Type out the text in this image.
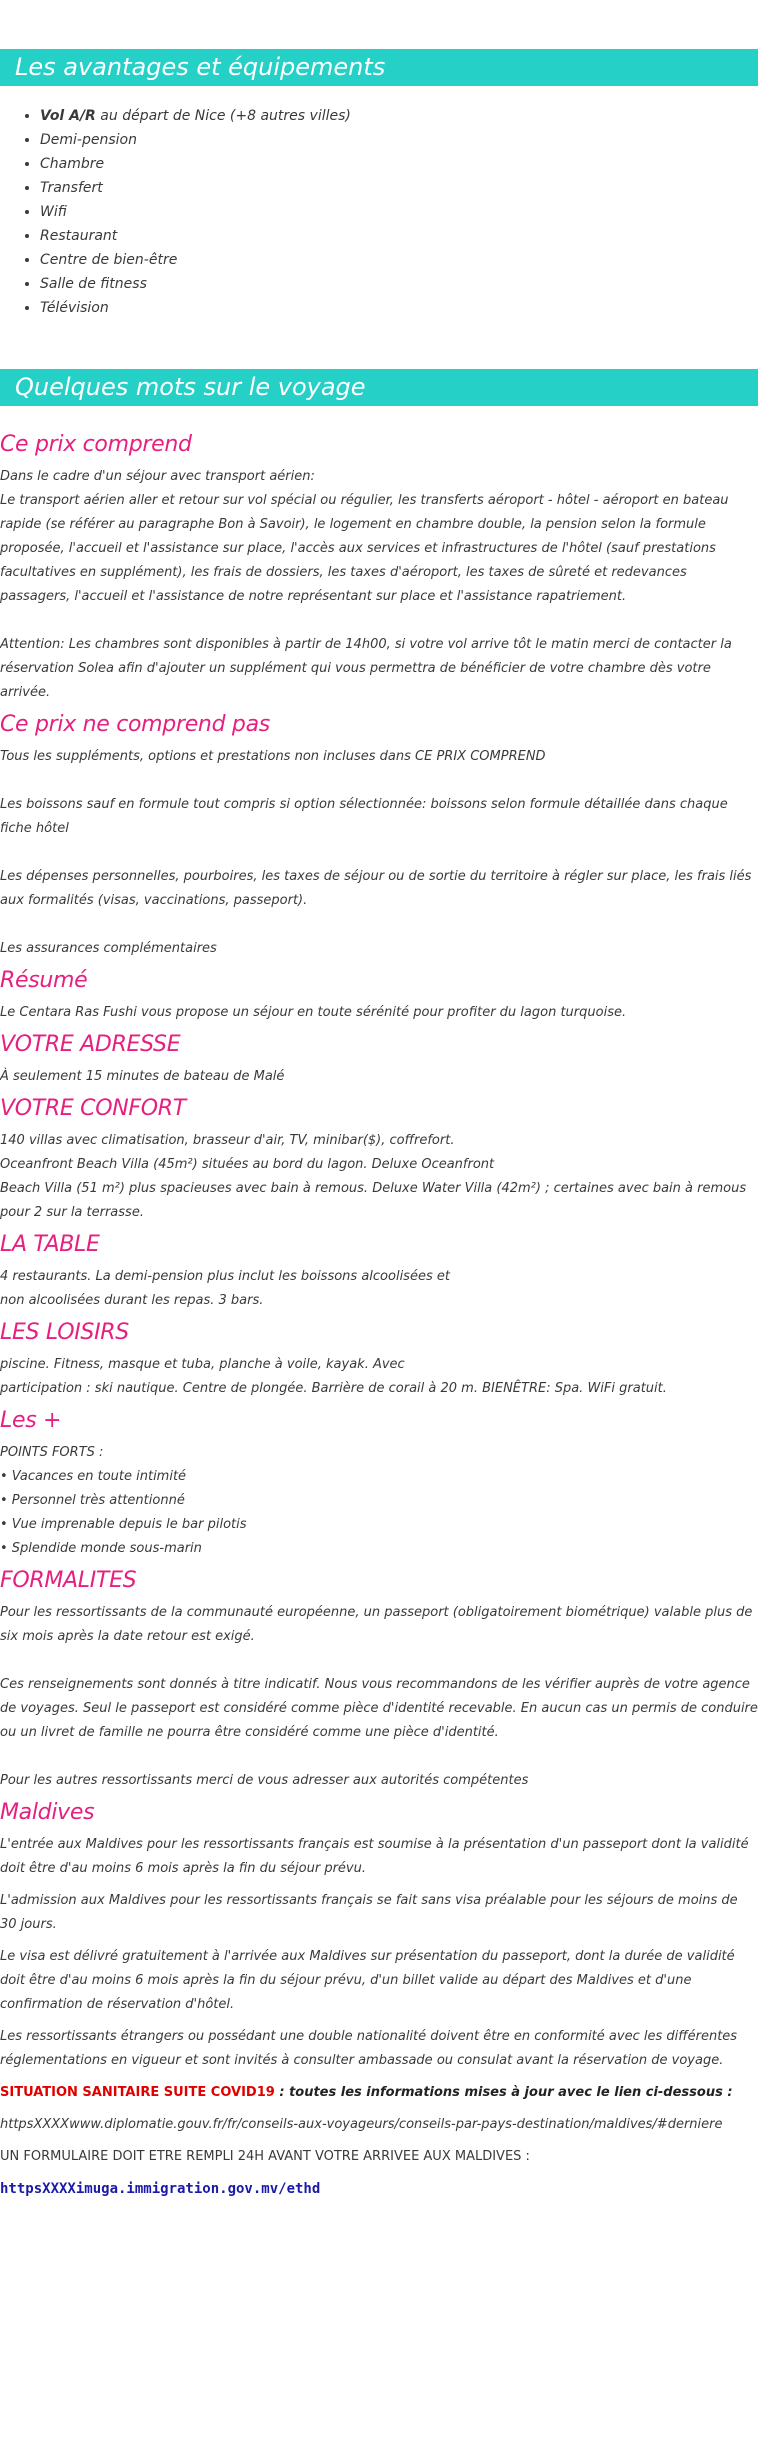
Les avantages et équipements
• Vol A/R au départ de Nice (+8 autres villes)
• Demi-pension
• Chambre
• Transfert
• Wifi
• Restaurant
• Centre de bien-être
• Salle de fitness
• Télévision
Quelques mots sur le voyage
Ce prix comprend

Dans le cadre d'un séjour avec transport aérien:
Le transport aérien aller et retour sur vol spécial ou régulier, les transferts aéroport - hôtel - aéroport en bateau rapide (se référer au paragraphe Bon à Savoir), le logement en chambre double, la pension selon la formule proposée, l'accueil et l'assistance sur place, l'accès aux services et infrastructures de l'hôtel (sauf prestations facultatives en supplément), les frais de dossiers, les taxes d'aéroport, les taxes de sûreté et redevances passagers, l'accueil et l'assistance de notre représentant sur place et l'assistance rapatriement.

Attention: Les chambres sont disponibles à partir de 14h00, si votre vol arrive tôt le matin merci de contacter la réservation Solea afin d'ajouter un supplément qui vous permettra de bénéficier de votre chambre dès votre arrivée.

Ce prix ne comprend pas

Tous les suppléments, options et prestations non incluses dans CE PRIX COMPREND

Les boissons sauf en formule tout compris si option sélectionnée: boissons selon formule détaillée dans chaque fiche hôtel

Les dépenses personnelles, pourboires, les taxes de séjour ou de sortie du territoire à régler sur place, les frais liés aux formalités (visas, vaccinations, passeport).

Les assurances complémentaires

Résumé

Le Centara Ras Fushi vous propose un séjour en toute sérénité pour profiter du lagon turquoise.

VOTRE ADRESSE

À seulement 15 minutes de bateau de Malé

VOTRE CONFORT

140 villas avec climatisation, brasseur d'air, TV, minibar($), coffrefort.
Oceanfront Beach Villa (45m²) situées au bord du lagon. Deluxe Oceanfront
Beach Villa (51 m²) plus spacieuses avec bain à remous. Deluxe Water Villa (42m²) ; certaines avec bain à remous pour 2 sur la terrasse.

LA TABLE

4 restaurants. La demi-pension plus inclut les boissons alcoolisées et
non alcoolisées durant les repas. 3 bars.

LES LOISIRS

piscine. Fitness, masque et tuba, planche à voile, kayak. Avec
participation : ski nautique. Centre de plongée. Barrière de corail à 20 m. BIENÊTRE: Spa. WiFi gratuit.

Les +

POINTS FORTS :
• Vacances en toute intimité
• Personnel très attentionné
• Vue imprenable depuis le bar pilotis
• Splendide monde sous-marin

FORMALITES

Pour les ressortissants de la communauté européenne, un passeport (obligatoirement biométrique) valable plus de six mois après la date retour est exigé.

Ces renseignements sont donnés à titre indicatif. Nous vous recommandons de les vérifier auprès de votre agence de voyages. Seul le passeport est considéré comme pièce d'identité recevable. En aucun cas un permis de conduire ou un livret de famille ne pourra être considéré comme une pièce d'identité.

Pour les autres ressortissants merci de vous adresser aux autorités compétentes

Maldives

L'entrée aux Maldives pour les ressortissants français est soumise à la présentation d'un passeport dont la validité doit être d'au moins 6 mois après la fin du séjour prévu.

L'admission aux Maldives pour les ressortissants français se fait sans visa préalable pour les séjours de moins de 30 jours.

Le visa est délivré gratuitement à l'arrivée aux Maldives sur présentation du passeport, dont la durée de validité doit être d'au moins 6 mois après la fin du séjour prévu, d'un billet valide au départ des Maldives et d'une confirmation de réservation d'hôtel.

Les ressortissants étrangers ou possédant une double nationalité doivent être en conformité avec les différentes réglementations en vigueur et sont invités à consulter ambassade ou consulat avant la réservation de voyage.

SITUATION SANITAIRE SUITE COVID19 : toutes les informations mises à jour avec le lien ci-dessous :

httpsXXXXwww.diplomatie.gouv.fr/fr/conseils-aux-voyageurs/conseils-par-pays-destination/maldives/#derniere

UN FORMULAIRE DOIT ETRE REMPLI 24H AVANT VOTRE ARRIVEE AUX MALDIVES :

httpsXXXXimuga.immigration.gov.mv/ethd
